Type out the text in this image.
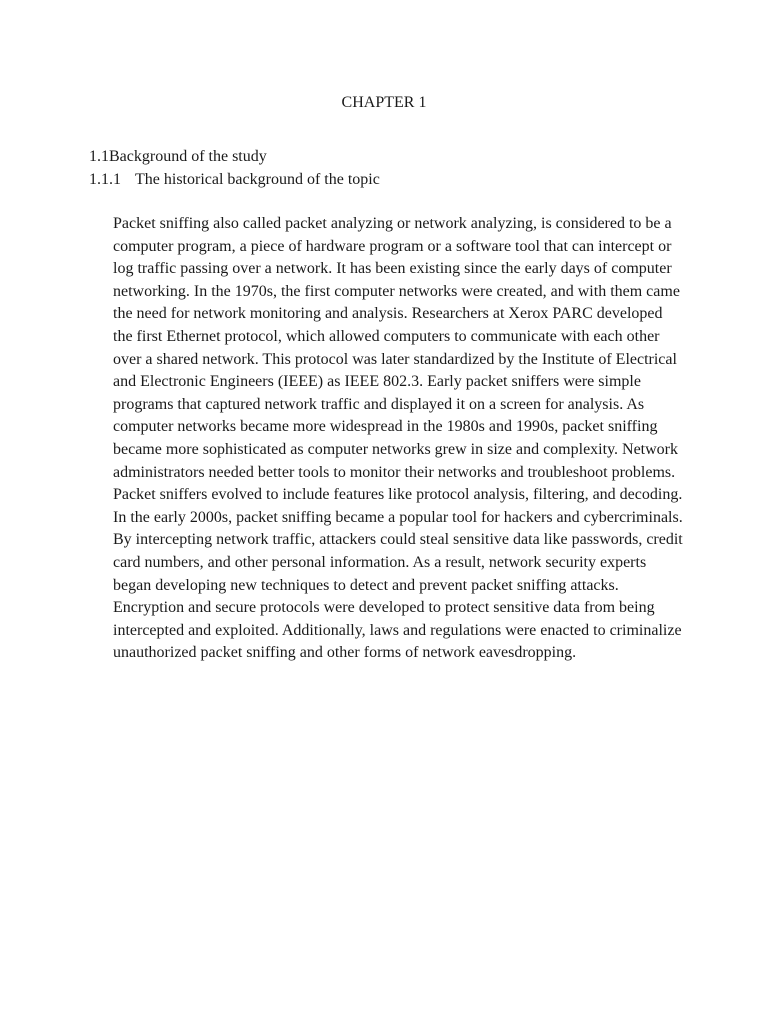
CHAPTER 1
1.1Background of the study
1.1.1 The historical background of the topic

Packet sniffing also called packet analyzing or network analyzing, is considered to be a computer program, a piece of hardware program or a software tool that can intercept or log traffic passing over a network. It has been existing since the early days of computer networking. In the 1970s, the first computer networks were created, and with them came the need for network monitoring and analysis. Researchers at Xerox PARC developed the first Ethernet protocol, which allowed computers to communicate with each other over a shared network. This protocol was later standardized by the Institute of Electrical and Electronic Engineers (IEEE) as IEEE 802.3. Early packet sniffers were simple programs that captured network traffic and displayed it on a screen for analysis. As computer networks became more widespread in the 1980s and 1990s, packet sniffing became more sophisticated as computer networks grew in size and complexity. Network administrators needed better tools to monitor their networks and troubleshoot problems. Packet sniffers evolved to include features like protocol analysis, filtering, and decoding.

In the early 2000s, packet sniffing became a popular tool for hackers and cybercriminals. By intercepting network traffic, attackers could steal sensitive data like passwords, credit card numbers, and other personal information. As a result, network security experts began developing new techniques to detect and prevent packet sniffing attacks. Encryption and secure protocols were developed to protect sensitive data from being intercepted and exploited. Additionally, laws and regulations were enacted to criminalize unauthorized packet sniffing and other forms of network eavesdropping.
